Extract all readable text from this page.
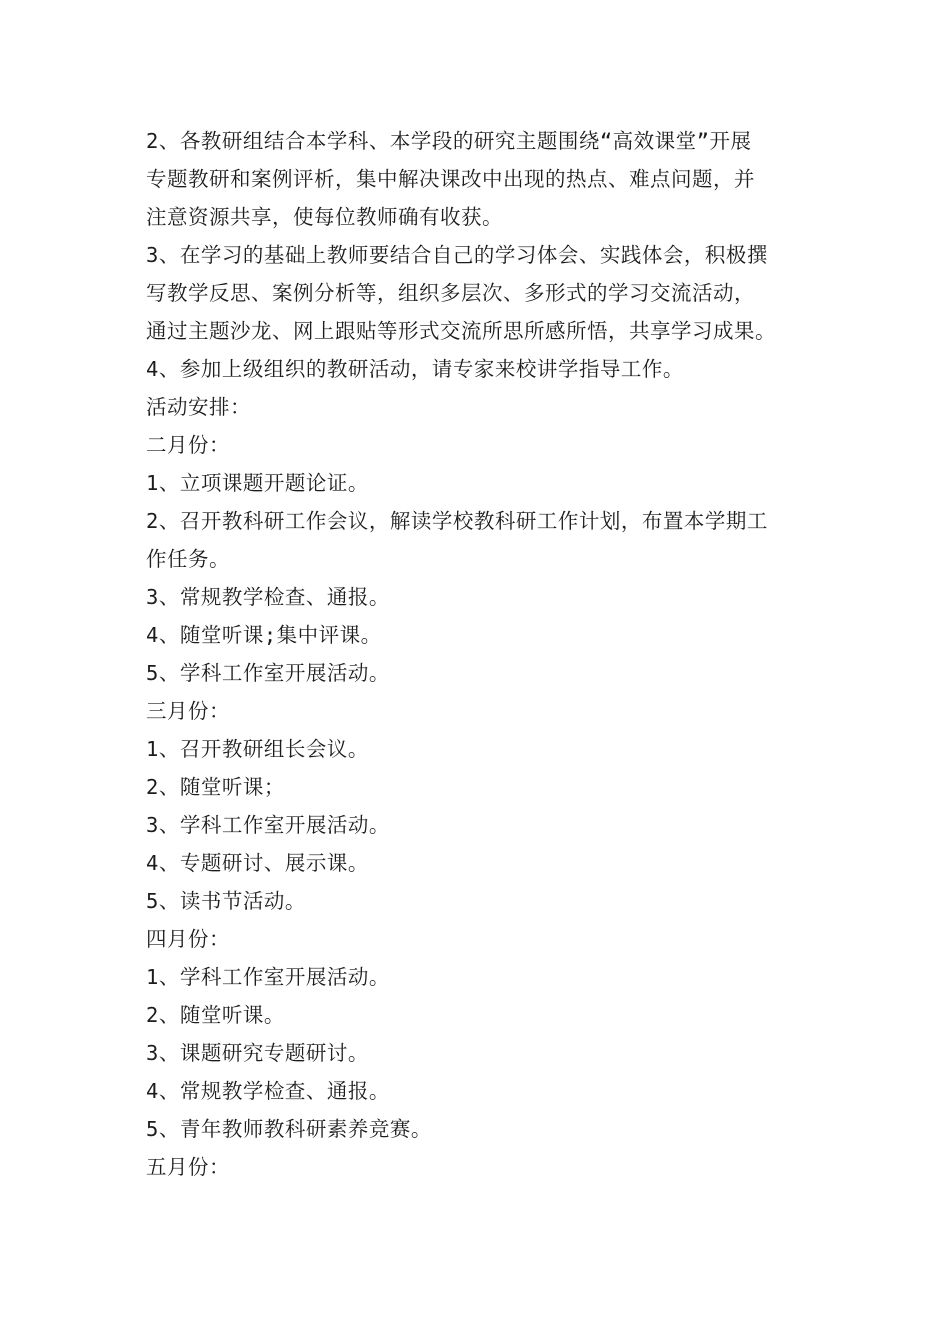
2、各教研组结合本学科、本学段的研究主题围绕“高效课堂”开展
专题教研和案例评析，集中解决课改中出现的热点、难点问题，并
注意资源共享，使每位教师确有收获。
3、在学习的基础上教师要结合自己的学习体会、实践体会，积极撰
写教学反思、案例分析等，组织多层次、多形式的学习交流活动，
通过主题沙龙、网上跟贴等形式交流所思所感所悟，共享学习成果。
4、参加上级组织的教研活动，请专家来校讲学指导工作。
活动安排：
二月份：
1、立项课题开题论证。
2、召开教科研工作会议，解读学校教科研工作计划，布置本学期工
作任务。
3、常规教学检查、通报。
4、随堂听课;集中评课。
5、学科工作室开展活动。
三月份：
1、召开教研组长会议。
2、随堂听课；
3、学科工作室开展活动。
4、专题研讨、展示课。
5、读书节活动。
四月份：
1、学科工作室开展活动。
2、随堂听课。
3、课题研究专题研讨。
4、常规教学检查、通报。
5、青年教师教科研素养竞赛。
五月份：
